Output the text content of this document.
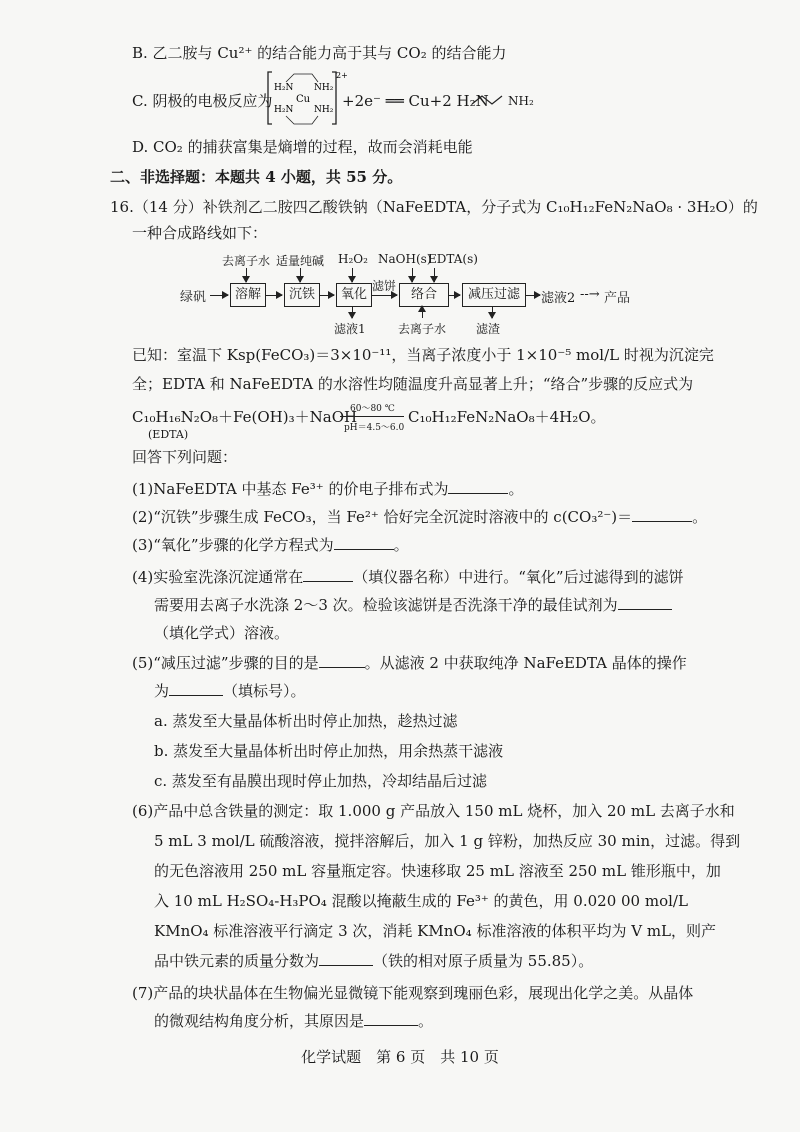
B. 乙二胺与 Cu²⁺ 的结合能力高于其与 CO₂ 的结合能力
C. 阴极的电极反应为
H₂N
H₂N
Cu
NH₂
NH₂
2+
+2e⁻ ══ Cu+2 H₂N NH₂
D. CO₂ 的捕获富集是熵增的过程，故而会消耗电能
二、非选择题：本题共 4 小题，共 55 分。
16.（14 分）补铁剂乙二胺四乙酸铁钠（NaFeEDTA，分子式为 C₁₀H₁₂FeN₂NaO₈ · 3H₂O）的
一种合成路线如下：
绿矾	溶解	沉铁	氧化
滤饼
络合	减压过滤	滤液2 --→ 产品
去离子水 适量纯碱 H₂O₂ NaOH(s)
EDTA(s)
滤液1	去离子水 滤渣
已知：室温下 Ksp(FeCO₃)＝3×10⁻¹¹，当离子浓度小于 1×10⁻⁵ mol/L 时视为沉淀完
全；EDTA 和 NaFeEDTA 的水溶性均随温度升高显著上升；“络合”步骤的反应式为
C₁₀H₁₆N₂O₈＋Fe(OH)₃＋NaOH
60～80 ℃
pH＝4.5～6.0
C₁₀H₁₂FeN₂NaO₈＋4H₂O。
(EDTA)
回答下列问题：
(1)NaFeEDTA 中基态 Fe³⁺ 的价电子排布式为	。
(2)“沉铁”步骤生成 FeCO₃，当 Fe²⁺ 恰好完全沉淀时溶液中的 c(CO₃²⁻)＝	。
(3)“氧化”步骤的化学方程式为	。
(4)实验室洗涤沉淀通常在	（填仪器名称）中进行。“氧化”后过滤得到的滤饼
需要用去离子水洗涤 2～3 次。检验该滤饼是否洗涤干净的最佳试剂为
（填化学式）溶液。
(5)“减压过滤”步骤的目的是	。从滤液 2 中获取纯净 NaFeEDTA 晶体的操作
为	（填标号）。
a. 蒸发至大量晶体析出时停止加热，趁热过滤
b. 蒸发至大量晶体析出时停止加热，用余热蒸干滤液
c. 蒸发至有晶膜出现时停止加热，冷却结晶后过滤
(6)产品中总含铁量的测定：取 1.000 g 产品放入 150 mL 烧杯，加入 20 mL 去离子水和
5 mL 3 mol/L 硫酸溶液，搅拌溶解后，加入 1 g 锌粉，加热反应 30 min，过滤。得到
的无色溶液用 250 mL 容量瓶定容。快速移取 25 mL 溶液至 250 mL 锥形瓶中，加
入 10 mL H₂SO₄-H₃PO₄ 混酸以掩蔽生成的 Fe³⁺ 的黄色，用 0.020 00 mol/L
KMnO₄ 标准溶液平行滴定 3 次，消耗 KMnO₄ 标准溶液的体积平均为 V mL，则产
品中铁元素的质量分数为	（铁的相对原子质量为 55.85）。
(7)产品的块状晶体在生物偏光显微镜下能观察到瑰丽色彩，展现出化学之美。从晶体
的微观结构角度分析，其原因是	。
化学试题　第 6 页　共 10 页
